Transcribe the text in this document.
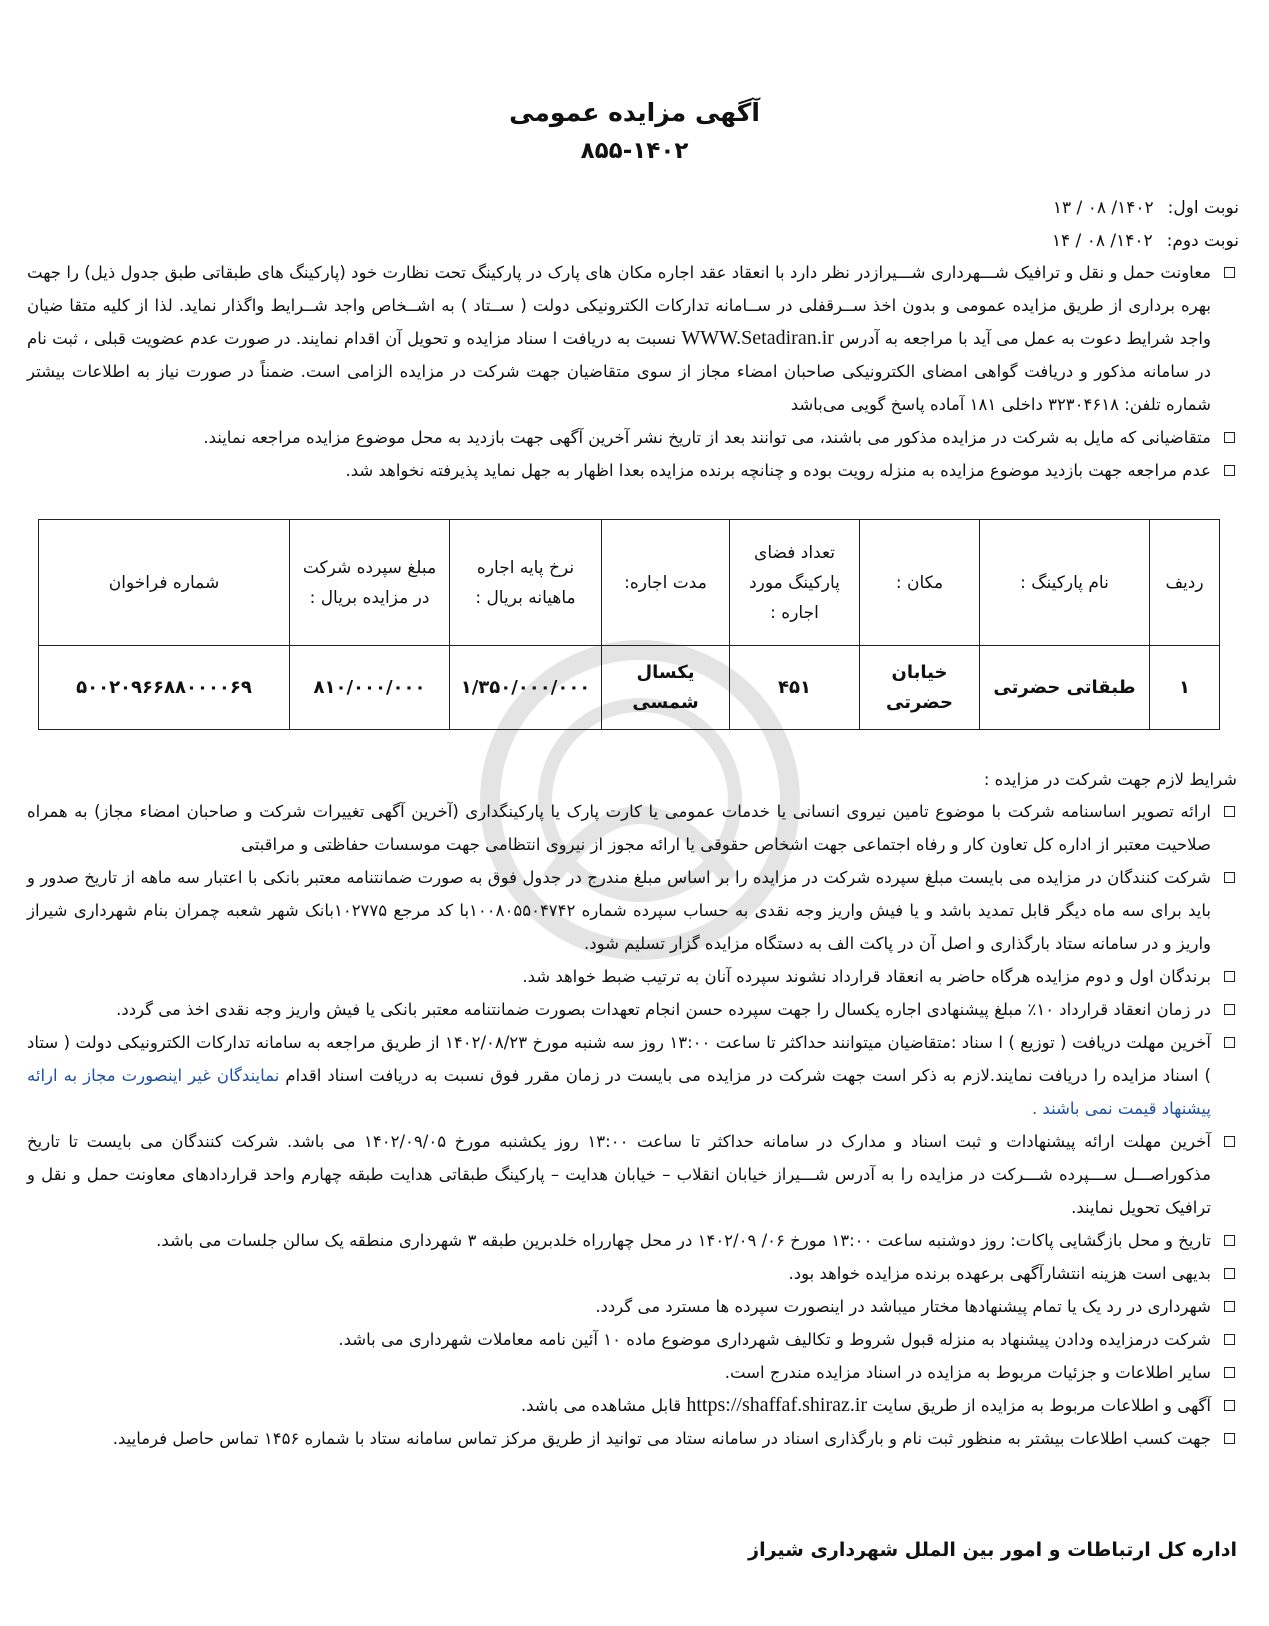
آگهی مزایده عمومی
۸۵۵-۱۴۰۲
نوبت اول:۱۴۰۲/ ۰۸ / ۱۳
نوبت دوم:۱۴۰۲/ ۰۸ / ۱۴
معاونت حمل و نقل و ترافیک شـــهرداری شـــیرازدر نظر دارد با انعقاد عقد اجاره مکان های پارک در پارکینگ تحت نظارت خود (پارکینگ های طبقاتی طبق جدول ذیل) را جهت بهره برداری از طریق مزایده عمومی و بدون اخذ ســرقفلی در ســامانه تدارکات الکترونیکی دولت ( ســتاد ) به اشــخاص واجد شــرایط واگذار نماید. لذا از کلیه متقا ضیان واجد شرایط دعوت به عمل می آید با مراجعه به آدرس WWW.Setadiran.ir نسبت به دریافت ا سناد مزایده و تحویل آن اقدام نمایند. در صورت عدم عضویت قبلی ، ثبت نام در سامانه مذکور و دریافت گواهی امضای الکترونیکی صاحبان امضاء مجاز از سوی متقاضیان جهت شرکت در مزایده الزامی است. ضمناً در صورت نیاز به اطلاعات بیشتر شماره تلفن: ۳۲۳۰۴۶۱۸ داخلی ۱۸۱ آماده پاسخ گویی می‌باشد
متقاضیانی که مایل به شرکت در مزایده مذکور می باشند، می توانند بعد از تاریخ نشر آخرین آگهی جهت بازدید به محل موضوع مزایده مراجعه نمایند.
عدم مراجعه جهت بازدید موضوع مزایده به منزله رویت بوده و چنانچه برنده مزایده بعدا اظهار به جهل نماید پذیرفته نخواهد شد.
ردیف	نام پارکینگ :	مکان :	تعداد فضای پارکینگ مورد اجاره :	مدت اجاره:	نرخ پایه اجاره ماهیانه بریال :	مبلغ سپرده شرکت در مزایده بریال :	شماره فراخوان
۱	طبقاتی حضرتی	خیابان حضرتی	۴۵۱	یکسال شمسی	۱/۳۵۰/۰۰۰/۰۰۰	۸۱۰/۰۰۰/۰۰۰	۵۰۰۲۰۹۶۶۸۸۰۰۰۰۶۹
شرایط لازم جهت شرکت در مزایده :
ارائه تصویر اساسنامه شرکت با موضوع تامین نیروی انسانی یا خدمات عمومی یا کارت پارک یا پارکینگداری (آخرین آگهی تغییرات شرکت و صاحبان امضاء مجاز) به همراه صلاحیت معتبر از اداره کل تعاون کار و رفاه اجتماعی جهت اشخاص حقوقی یا ارائه مجوز از نیروی انتظامی جهت موسسات حفاظتی و مراقبتی
شرکت کنندگان در مزایده می بایست مبلغ سپرده شرکت در مزایده را بر اساس مبلغ مندرج در جدول فوق به صورت ضمانتنامه معتبر بانکی با اعتبار سه ماهه از تاریخ صدور و باید برای سه ماه دیگر قابل تمدید باشد و یا فیش واریز وجه نقدی به حساب سپرده شماره ۱۰۰۸۰۵۵۰۴۷۴۲با کد مرجع ۱۰۲۷۷۵بانک شهر شعبه چمران بنام شهرداری شیراز واریز و در سامانه ستاد بارگذاری و اصل آن در پاکت الف به دستگاه مزایده گزار تسلیم شود.
برندگان اول و دوم مزایده هرگاه حاضر به انعقاد قرارداد نشوند سپرده آنان به ترتیب ضبط خواهد شد.
در زمان انعقاد قرارداد ۱۰٪ مبلغ پیشنهادی اجاره یکسال را جهت سپرده حسن انجام تعهدات بصورت ضمانتنامه معتبر بانکی یا فیش واریز وجه نقدی اخذ می گردد.
آخرین مهلت دریافت ( توزیع ) ا سناد :متقاضیان میتوانند حداکثر تا ساعت ۱۳:۰۰ روز سه شنبه مورخ ۱۴۰۲/۰۸/۲۳ از طریق مراجعه به سامانه تدارکات الکترونیکی دولت ( ستاد ) اسناد مزایده را دریافت نمایند.لازم به ذکر است جهت شرکت در مزایده می بایست در زمان مقرر فوق نسبت به دریافت اسناد اقدام نمایندگان غیر اینصورت مجاز به ارائه پیشنهاد قیمت نمی باشند .
آخرین مهلت ارائه پیشنهادات و ثبت اسناد و مدارک در سامانه حداکثر تا ساعت ۱۳:۰۰ روز یکشنبه مورخ ۱۴۰۲/۰۹/۰۵ می باشد. شرکت کنندگان می بایست تا تاریخ مذکوراصـــل ســـپرده شـــرکت در مزایده را به آدرس شـــیراز خیابان انقلاب – خیابان هدایت – پارکینگ طبقاتی هدایت طبقه چهارم واحد قراردادهای معاونت حمل و نقل و ترافیک تحویل نمایند.
تاریخ و محل بازگشایی پاکات: روز دوشنبه ساعت ۱۳:۰۰ مورخ ۰۶/ ۱۴۰۲/۰۹ در محل چهارراه خلدبرین طبقه ۳ شهرداری منطقه یک سالن جلسات می باشد.
بدیهی است هزینه انتشارآگهی برعهده برنده مزایده خواهد بود.
شهرداری در رد یک یا تمام پیشنهادها مختار میباشد در اینصورت سپرده ها مسترد می گردد.
شرکت درمزایده ودادن پیشنهاد به منزله قبول شروط و تکالیف شهرداری موضوع ماده ۱۰ آئین نامه معاملات شهرداری می باشد.
سایر اطلاعات و جزئیات مربوط به مزایده در اسناد مزایده مندرج است.
آگهی و اطلاعات مربوط به مزایده از طریق سایت https://shaffaf.shiraz.ir قابل مشاهده می باشد.
جهت کسب اطلاعات بیشتر به منظور ثبت نام و بارگذاری اسناد در سامانه ستاد می توانید از طریق مرکز تماس سامانه ستاد با شماره ۱۴۵۶ تماس حاصل فرمایید.
اداره کل ارتباطات و امور بین الملل شهرداری شیراز
